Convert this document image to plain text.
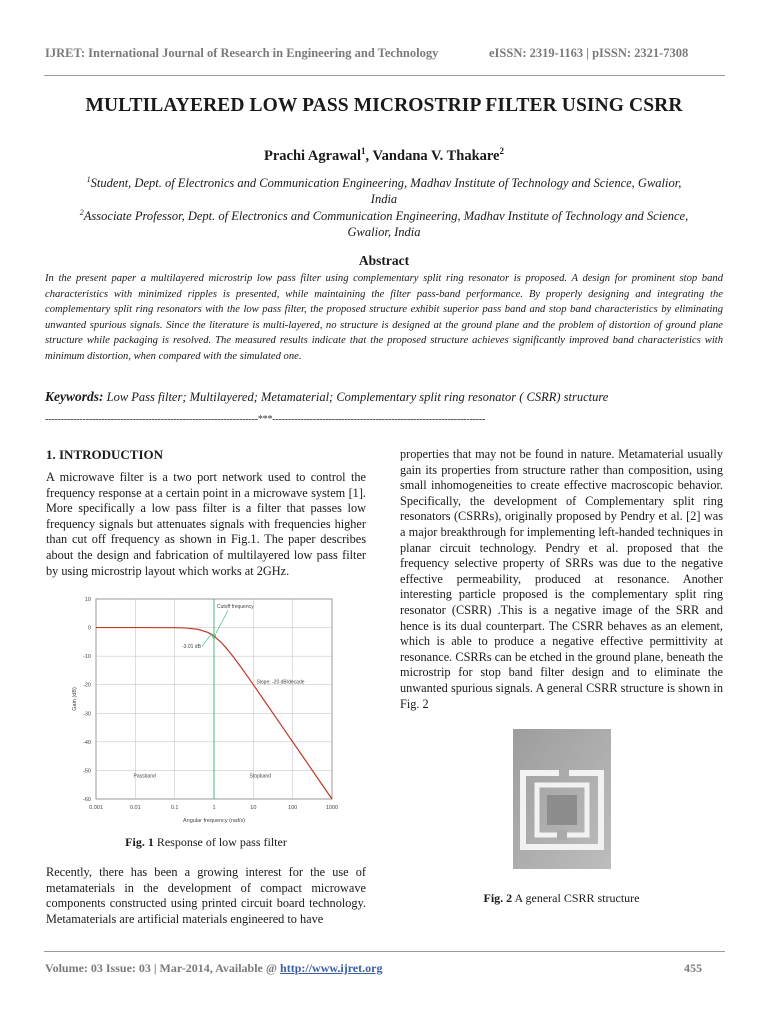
IJRET: International Journal of Research in Engineering and Technology	eISSN: 2319-1163 | pISSN: 2321-7308
MULTILAYERED LOW PASS MICROSTRIP FILTER USING CSRR
Prachi Agrawal$^1$, Vandana V. Thakare$^2$
$^1$Student, Dept. of Electronics and Communication Engineering, Madhav Institute of Technology and Science, Gwalior,
India
$^2$Associate Professor, Dept. of Electronics and Communication Engineering, Madhav Institute of Technology and Science,
Gwalior, India
Abstract
In the present paper a multilayered microstrip low pass filter using complementary split ring resonator is proposed. A design for prominent stop band characteristics with minimized ripples is presented, while maintaining the filter pass-band performance. By properly designing and integrating the complementary split ring resonators with the low pass filter, the proposed structure exhibit superior pass band and stop band characteristics by eliminating unwanted spurious signals. Since the literature is multi-layered, no structure is designed at the ground plane and the problem of distortion of ground plane structure while packaging is resolved. The measured results indicate that the proposed structure achieves significantly improved band characteristics with minimum distortion, when compared with the simulated one.
Keywords: Low Pass filter; Multilayered; Metamaterial; Complementary split ring resonator ( CSRR) structure
--------------------------------------------------------------------***--------------------------------------------------------------------
1. INTRODUCTION
A microwave filter is a two port network used to control the frequency response at a certain point in a microwave system [1]. More specifically a low pass filter is a filter that passes low frequency signals but attenuates signals with frequencies higher than cut off frequency as shown in Fig.1. The paper describes about the design and fabrication of multilayered low pass filter by using microstrip layout which works at 2GHz.
0.001	0.01	0.1	1	10	100	1000
10
0
-10
-20
-30
-40
-50
-60
Angular frequency (rad/s)
Gain (dB)
Cutoff frequency
-3.01 dB
Slope: -20 dB/decade
Passband	Stopband
Fig. 1 Response of low pass filter
Recently, there has been a growing interest for the use of metamaterials in the development of compact microwave components constructed using printed circuit board technology. Metamaterials are artificial materials engineered to have
properties that may not be found in nature. Metamaterial usually gain its properties from structure rather than composition, using small inhomogeneities to create effective macroscopic behavior. Specifically, the development of Complementary split ring resonators (CSRRs), originally proposed by Pendry et al. [2] was a major breakthrough for implementing left-handed techniques in planar circuit technology. Pendry et al. proposed that the frequency selective property of SRRs was due to the negative effective permeability, produced at resonance. Another interesting particle proposed is the complementary split ring resonator (CSRR) .This is a negative image of the SRR and hence is its dual counterpart. The CSRR behaves as an element, which is able to produce a negative effective permittivity at resonance. CSRRs can be etched in the ground plane, beneath the microstrip for stop band filter design and to eliminate the unwanted spurious signals. A general CSRR structure is shown in Fig. 2
Fig. 2 A general CSRR structure
Volume: 03 Issue: 03 | Mar-2014, Available @ http://www.ijret.org	455
